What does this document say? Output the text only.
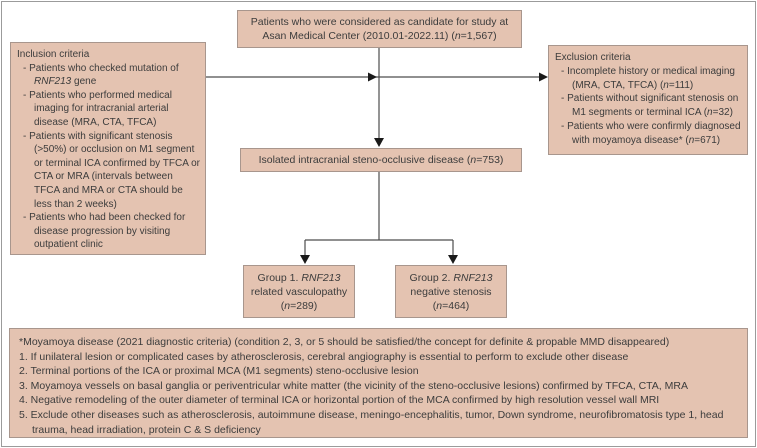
Patients who were considered as candidate for study at Asan Medical Center (2010.01-2022.11) (n=1,567)
Inclusion criteria
- Patients who checked mutation of RNF213 gene
- Patients who performed medical imaging for intracranial arterial disease (MRA, CTA, TFCA)
- Patients with significant stenosis (>50%) or occlusion on M1 segment or terminal ICA confirmed by TFCA or CTA or MRA (intervals between TFCA and MRA or CTA should be less than 2 weeks)
- Patients who had been checked for disease progression by visiting outpatient clinic
Exclusion criteria
- Incomplete history or medical imaging (MRA, CTA, TFCA) (n=111)
- Patients without significant stenosis on M1 segments or terminal ICA (n=32)
- Patients who were confirmly diagnosed with moyamoya disease* (n=671)
Isolated intracranial steno-occlusive disease (n=753)
Group 1. RNF213
related vasculopathy
(n=289)
Group 2. RNF213
negative stenosis
(n=464)
*Moyamoya disease (2021 diagnostic criteria) (condition 2, 3, or 5 should be satisfied/the concept for definite & propable MMD disappeared)
1. If unilateral lesion or complicated cases by atherosclerosis, cerebral angiography is essential to perform to exclude other disease
2. Terminal portions of the ICA or proximal MCA (M1 segments) steno-occlusive lesion
3. Moyamoya vessels on basal ganglia or periventricular white matter (the vicinity of the steno-occlusive lesions) confirmed by TFCA, CTA, MRA
4. Negative remodeling of the outer diameter of terminal ICA or horizontal portion of the MCA confirmed by high resolution vessel wall MRI
5. Exclude other diseases such as atherosclerosis, autoimmune disease, meningo-encephalitis, tumor, Down syndrome, neurofibromatosis type 1, head trauma, head irradiation, protein C & S deficiency
